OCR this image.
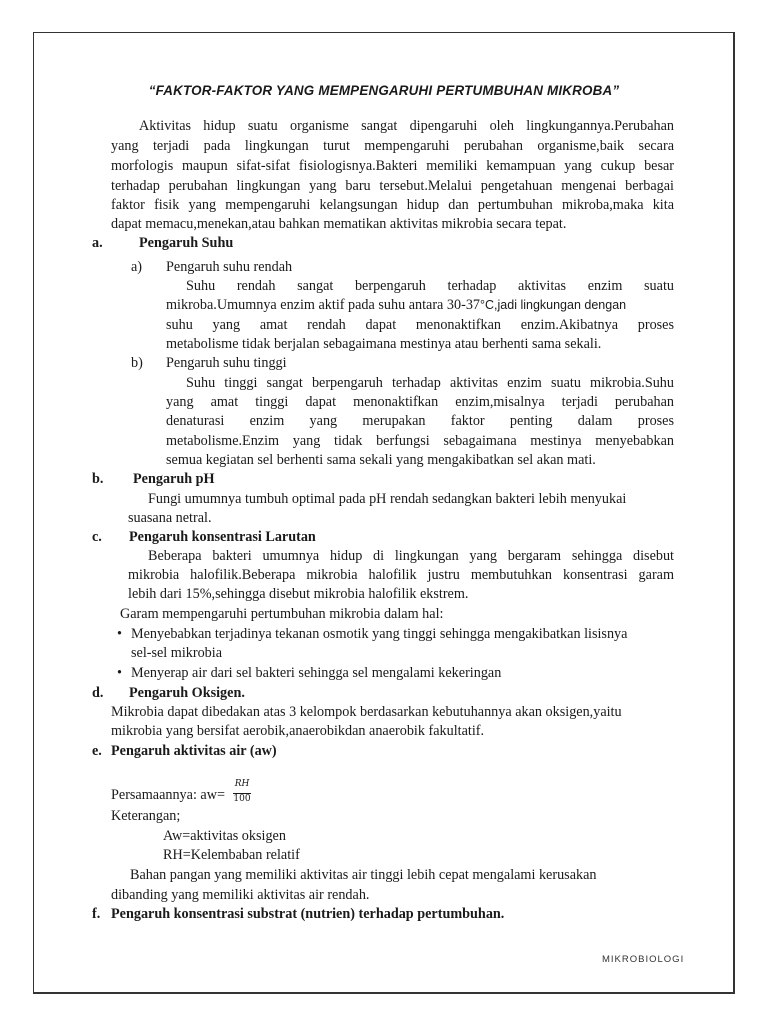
“FAKTOR-FAKTOR YANG MEMPENGARUHI PERTUMBUHAN MIKROBA”
Aktivitas hidup suatu organisme sangat dipengaruhi oleh lingkungannya.Perubahan
yang terjadi pada lingkungan turut mempengaruhi perubahan organisme,baik secara
morfologis maupun sifat-sifat fisiologisnya.Bakteri memiliki kemampuan yang cukup besar
terhadap perubahan lingkungan yang baru tersebut.Melalui pengetahuan mengenai berbagai
faktor fisik yang mempengaruhi kelangsungan hidup dan pertumbuhan mikroba,maka kita
dapat memacu,menekan,atau bahkan mematikan aktivitas mikrobia secara tepat.
a.	Pengaruh Suhu
a) Pengaruh suhu rendah
Suhu rendah sangat berpengaruh terhadap aktivitas enzim suatu
mikroba.Umumnya enzim aktif pada suhu antara 30-37°C,jadi lingkungan dengan
suhu yang amat rendah dapat menonaktifkan enzim.Akibatnya proses
metabolisme tidak berjalan sebagaimana mestinya atau berhenti sama sekali.
b) Pengaruh suhu tinggi
Suhu tinggi sangat berpengaruh terhadap aktivitas enzim suatu mikrobia.Suhu
yang amat tinggi dapat menonaktifkan enzim,misalnya terjadi perubahan
denaturasi enzim yang merupakan faktor penting dalam proses
metabolisme.Enzim yang tidak berfungsi sebagaimana mestinya menyebabkan
semua kegiatan sel berhenti sama sekali yang mengakibatkan sel akan mati.
b. Pengaruh pH
Fungi umumnya tumbuh optimal pada pH rendah sedangkan bakteri lebih menyukai
suasana netral.
c. Pengaruh konsentrasi Larutan
Beberapa bakteri umumnya hidup di lingkungan yang bergaram sehingga disebut
mikrobia halofilik.Beberapa mikrobia halofilik justru membutuhkan konsentrasi garam
lebih dari 15%,sehingga disebut mikrobia halofilik ekstrem.
Garam mempengaruhi pertumbuhan mikrobia dalam hal:
• Menyebabkan terjadinya tekanan osmotik yang tinggi sehingga mengakibatkan lisisnya
sel-sel mikrobia
• Menyerap air dari sel bakteri sehingga sel mengalami kekeringan
d. Pengaruh Oksigen.
Mikrobia dapat dibedakan atas 3 kelompok berdasarkan kebutuhannya akan oksigen,yaitu
mikrobia yang bersifat aerobik,anaerobikdan anaerobik fakultatif.
e. Pengaruh aktivitas air (aw)
Persamaannya: aw=
RH
100
Keterangan;
Aw=aktivitas oksigen
RH=Kelembaban relatif
Bahan pangan yang memiliki aktivitas air tinggi lebih cepat mengalami kerusakan
dibanding yang memiliki aktivitas air rendah.
f. Pengaruh konsentrasi substrat (nutrien) terhadap pertumbuhan.
MIKROBIOLOGI
